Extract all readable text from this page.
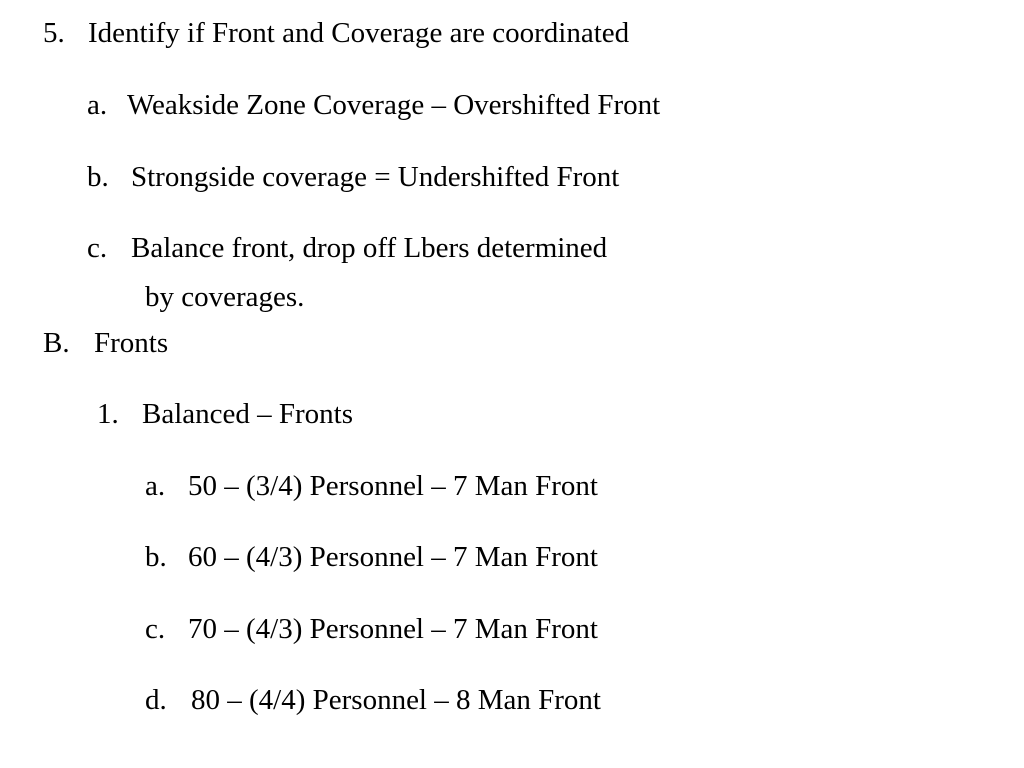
5. Identify if Front and Coverage are coordinated
a. Weakside Zone Coverage – Overshifted Front
b. Strongside coverage = Undershifted Front
c. Balance front, drop off Lbers determined
by coverages.
B. Fronts
1. Balanced – Fronts
a. 50 – (3/4) Personnel – 7 Man Front
b. 60 – (4/3) Personnel – 7 Man Front
c. 70 – (4/3) Personnel – 7 Man Front
d. 80 – (4/4) Personnel – 8 Man Front
